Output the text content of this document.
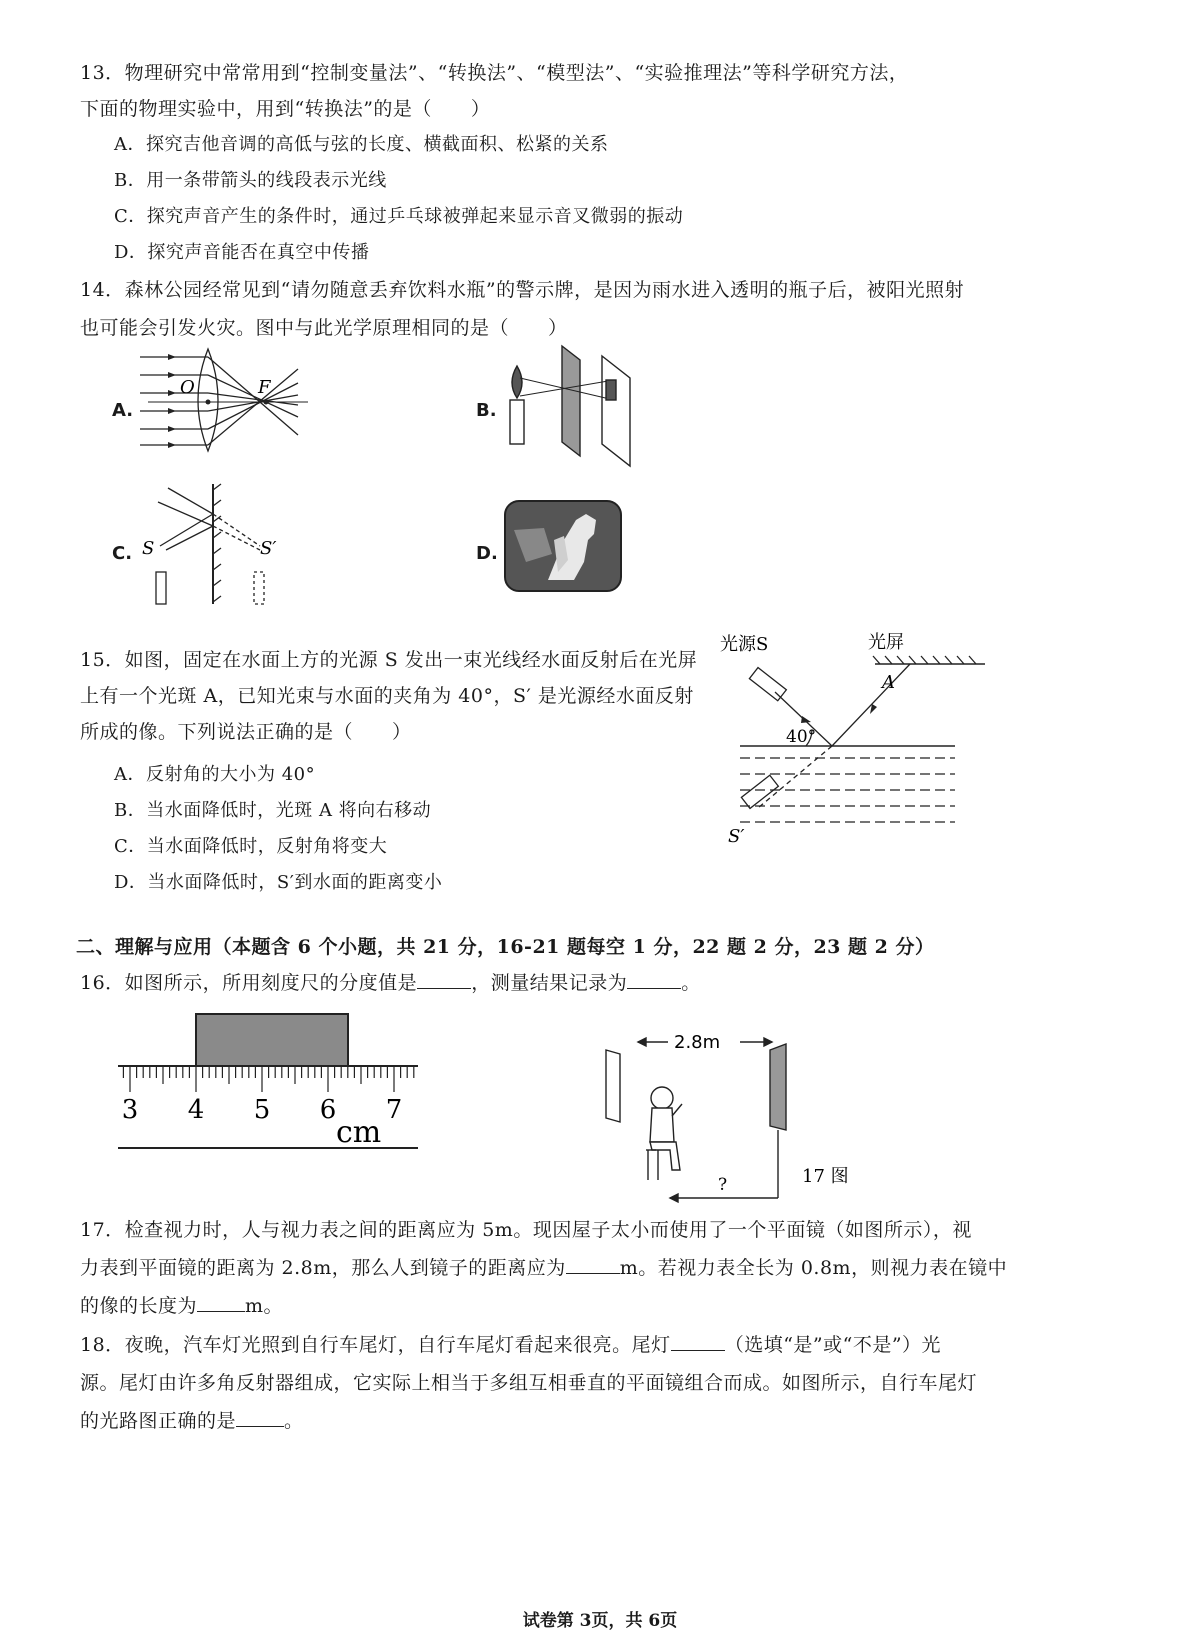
13．物理研究中常常用到“控制变量法”、“转换法”、“模型法”、“实验推理法”等科学研究方法，
下面的物理实验中，用到“转换法”的是（　　）
A．探究吉他音调的高低与弦的长度、横截面积、松紧的关系
B．用一条带箭头的线段表示光线
C．探究声音产生的条件时，通过乒乓球被弹起来显示音叉微弱的振动
D．探究声音能否在真空中传播
14．森林公园经常见到“请勿随意丢弃饮料水瓶”的警示牌，是因为雨水进入透明的瓶子后，被阳光照射
也可能会引发火灾。图中与此光学原理相同的是（　　）
A.	B.
C.	D.
O	F
S	S′
15．如图，固定在水面上方的光源 S 发出一束光线经水面反射后在光屏
上有一个光斑 A，已知光束与水面的夹角为 40°，S′ 是光源经水面反射
所成的像。下列说法正确的是（　　）
A．反射角的大小为 40°
B．当水面降低时，光斑 A 将向右移动
C．当水面降低时，反射角将变大
D．当水面降低时，S′到水面的距离变小
光源S	光屏
A
40°
S′
二、理解与应用（本题含 6 个小题，共 21 分，16-21 题每空 1 分，22 题 2 分，23 题 2 分）
16．如图所示，所用刻度尺的分度值是	，测量结果记录为	。
3 4 5 6 7
cm
2.8m
?	17 图
17．检查视力时，人与视力表之间的距离应为 5m。现因屋子太小而使用了一个平面镜（如图所示），视
力表到平面镜的距离为 2.8m，那么人到镜子的距离应为	m。若视力表全长为 0.8m，则视力表在镜中
的像的长度为	m。
18．夜晚，汽车灯光照到自行车尾灯，自行车尾灯看起来很亮。尾灯	（选填“是”或“不是”）光
源。尾灯由许多角反射器组成，它实际上相当于多组互相垂直的平面镜组合而成。如图所示，自行车尾灯
的光路图正确的是	。
试卷第 3页，共 6页
